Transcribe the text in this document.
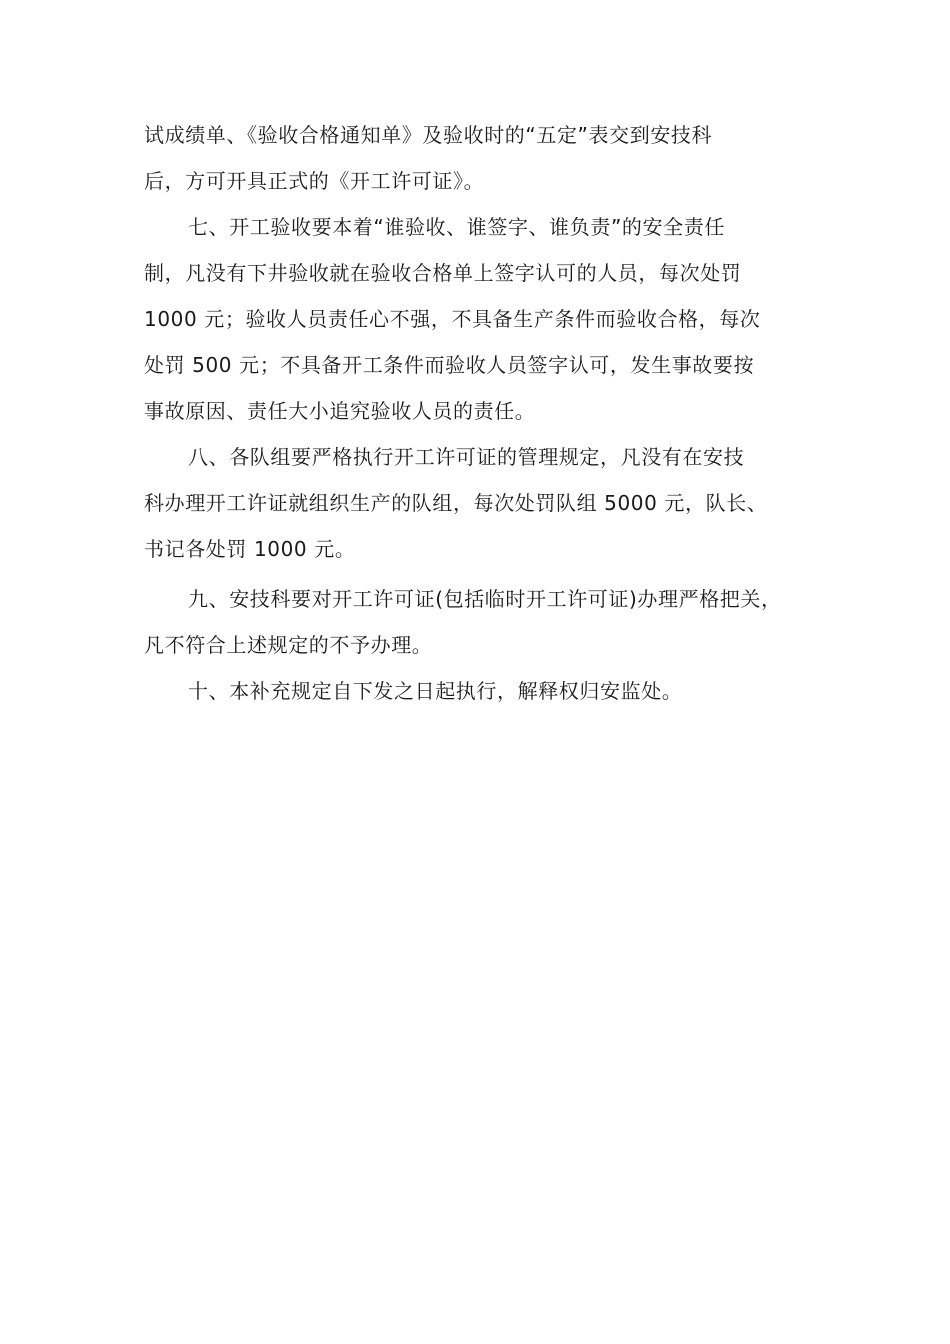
试成绩单、《验收合格通知单》及验收时的“五定”表交到安技科
后，方可开具正式的《开工许可证》。

七、开工验收要本着“谁验收、谁签字、谁负责”的安全责任
制，凡没有下井验收就在验收合格单上签字认可的人员，每次处罚
1000 元；验收人员责任心不强，不具备生产条件而验收合格，每次
处罚 500 元；不具备开工条件而验收人员签字认可，发生事故要按
事故原因、责任大小追究验收人员的责任。

八、各队组要严格执行开工许可证的管理规定，凡没有在安技
科办理开工许证就组织生产的队组，每次处罚队组 5000 元，队长、
书记各处罚 1000 元。

九、安技科要对开工许可证(包括临时开工许可证)办理严格把关，
凡不符合上述规定的不予办理。

十、本补充规定自下发之日起执行，解释权归安监处。
